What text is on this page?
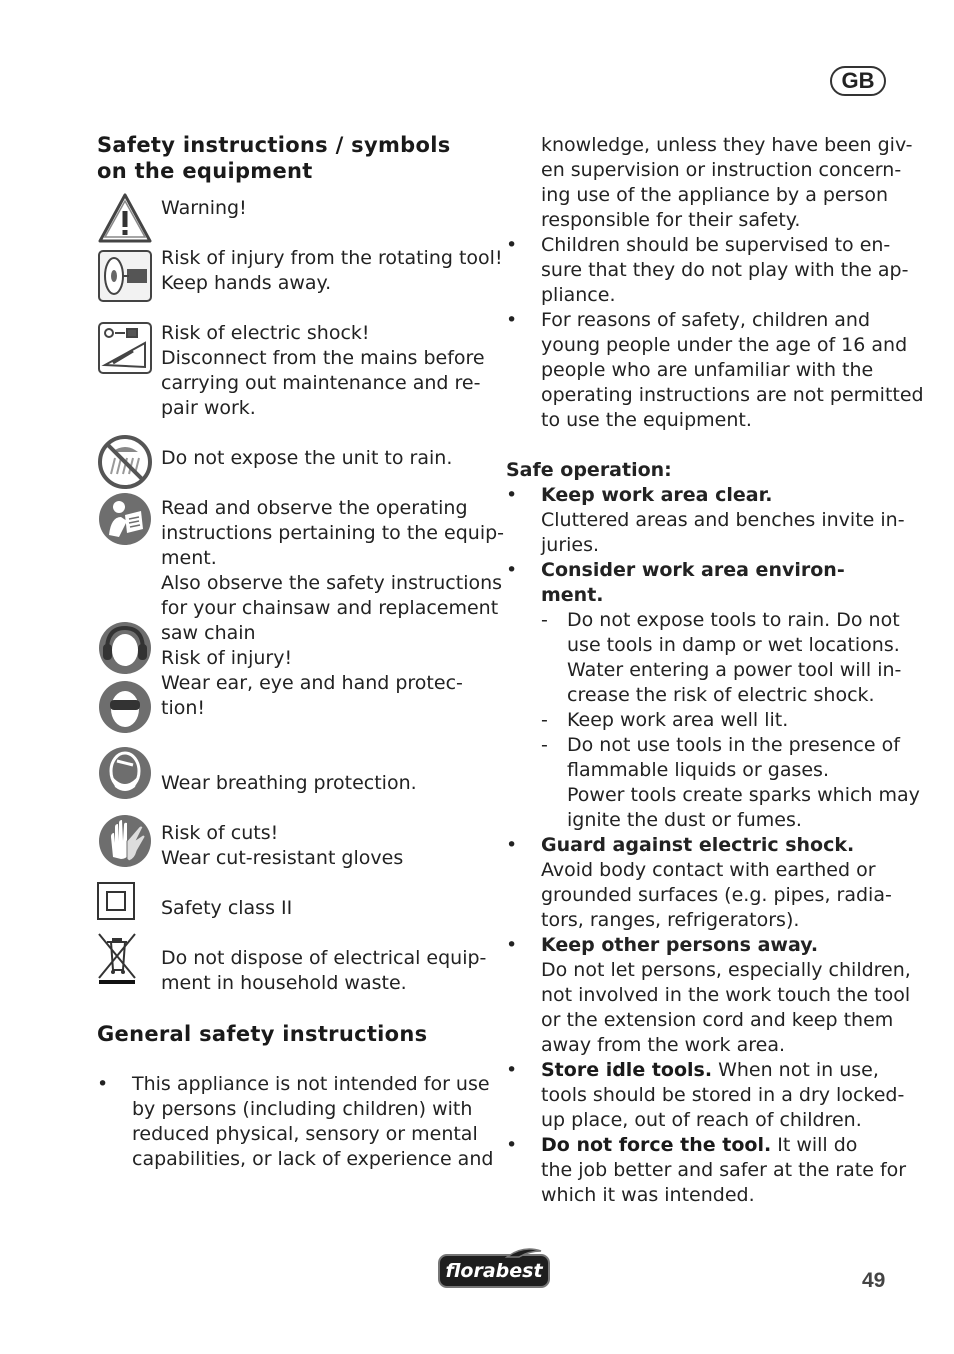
GB
Safety instructions / symbols
on the equipment
Warning!
Risk of injury from the rotating tool!
Keep hands away.
Risk of electric shock!
Disconnect from the mains before
carrying out maintenance and re-
pair work.
Do not expose the unit to rain.
Read and observe the operating
instructions pertaining to the equip-
ment.
Also observe the safety instructions
for your chainsaw and replacement
saw chain
Risk of injury!
Wear ear, eye and hand protec-
tion!
Wear breathing protection.
Risk of cuts!
Wear cut-resistant gloves
Safety class II
Do not dispose of electrical equip-
ment in household waste.
General safety instructions
• This appliance is not intended for use
by persons (including children) with
reduced physical, sensory or mental
capabilities, or lack of experience and
knowledge, unless they have been giv-
en supervision or instruction concern-
ing use of the appliance by a person
responsible for their safety.
• Children should be supervised to en-
sure that they do not play with the ap-
pliance.
• For reasons of safety, children and
young people under the age of 16 and
people who are unfamiliar with the
operating instructions are not permitted
to use the equipment.
Safe operation:
• Keep work area clear.
Cluttered areas and benches invite in-
juries.
• Consider work area environ-
ment.
- Do not expose tools to rain. Do not
use tools in damp or wet locations.
Water entering a power tool will in-
crease the risk of electric shock.
- Keep work area well lit.
- Do not use tools in the presence of
flammable liquids or gases.
Power tools create sparks which may
ignite the dust or fumes.
• Guard against electric shock.
Avoid body contact with earthed or
grounded surfaces (e.g. pipes, radia-
tors, ranges, refrigerators).
• Keep other persons away.
Do not let persons, especially children,
not involved in the work touch the tool
or the extension cord and keep them
away from the work area.
• Store idle tools. When not in use,
tools should be stored in a dry locked-
up place, out of reach of children.
• Do not force the tool. It will do
the job better and safer at the rate for
which it was intended.
florabest	49
